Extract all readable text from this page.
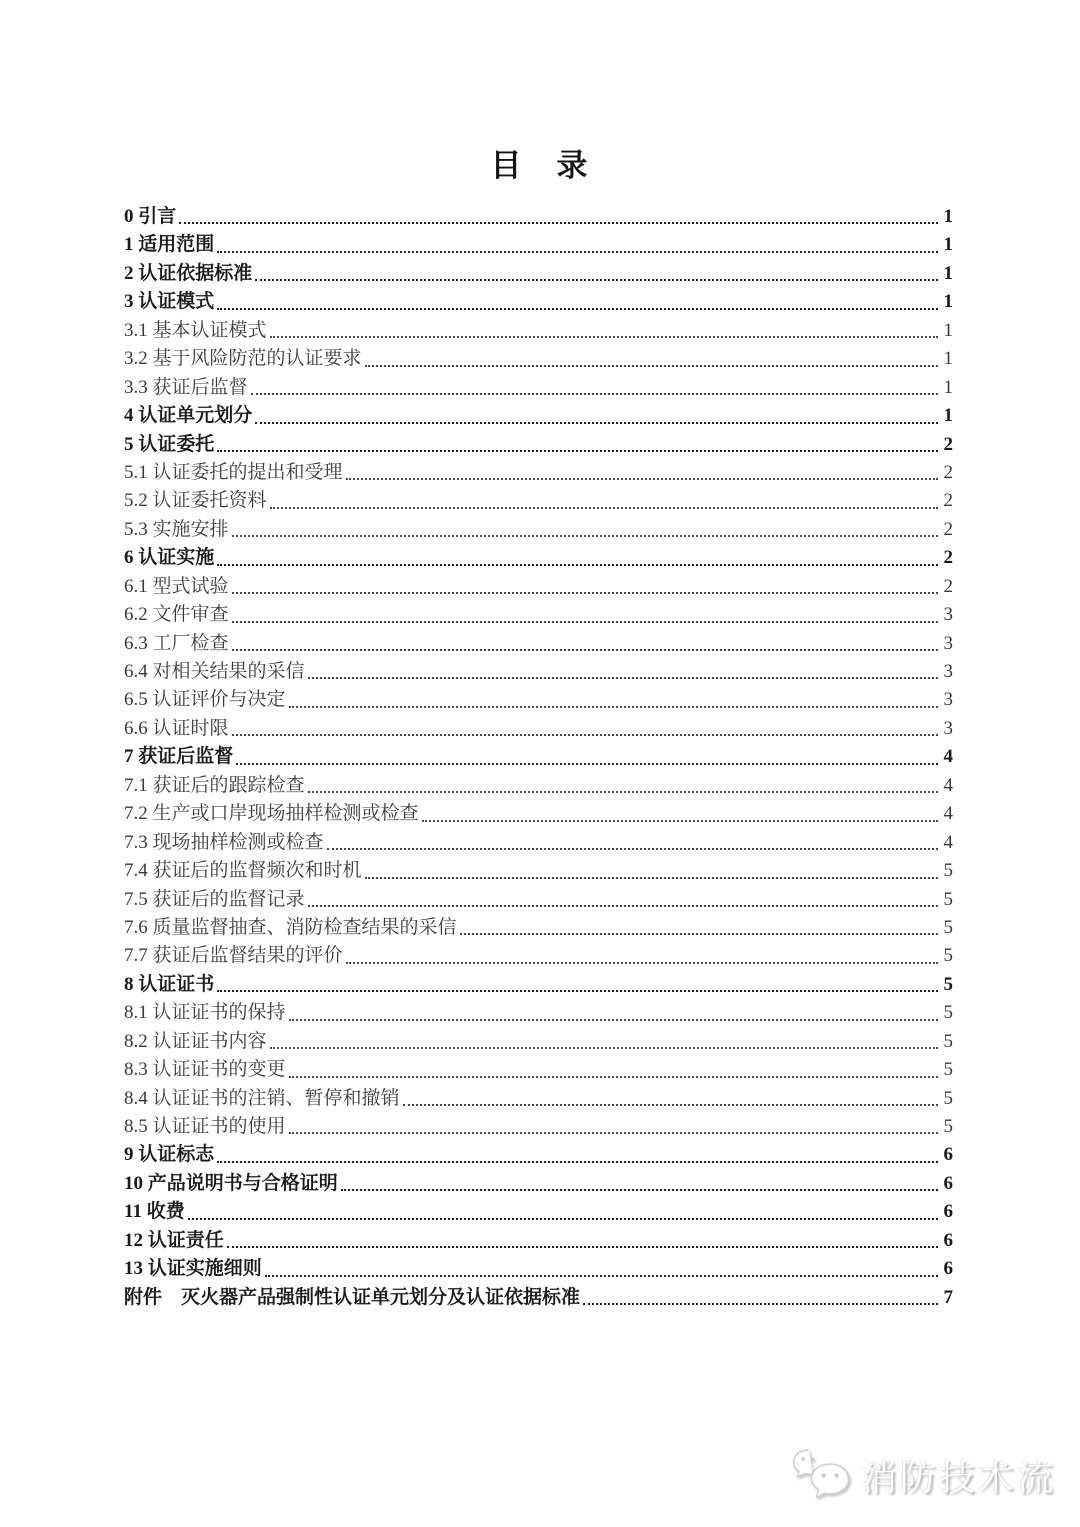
目　录
0 引言	1
1 适用范围	1
2 认证依据标准	1
3 认证模式	1
3.1 基本认证模式	1
3.2 基于风险防范的认证要求	1
3.3 获证后监督	1
4 认证单元划分	1
5 认证委托	2
5.1 认证委托的提出和受理	2
5.2 认证委托资料	2
5.3 实施安排	2
6 认证实施	2
6.1 型式试验	2
6.2 文件审查	3
6.3 工厂检查	3
6.4 对相关结果的采信	3
6.5 认证评价与决定	3
6.6 认证时限	3
7 获证后监督	4
7.1 获证后的跟踪检查	4
7.2 生产或口岸现场抽样检测或检查	4
7.3 现场抽样检测或检查	4
7.4 获证后的监督频次和时机	5
7.5 获证后的监督记录	5
7.6 质量监督抽查、消防检查结果的采信	5
7.7 获证后监督结果的评价	5
8 认证证书	5
8.1 认证证书的保持	5
8.2 认证证书内容	5
8.3 认证证书的变更	5
8.4 认证证书的注销、暂停和撤销	5
8.5 认证证书的使用	5
9 认证标志	6
10 产品说明书与合格证明	6
11 收费	6
12 认证责任	6
13 认证实施细则	6
附件　灭火器产品强制性认证单元划分及认证依据标准	7
消防技术流
